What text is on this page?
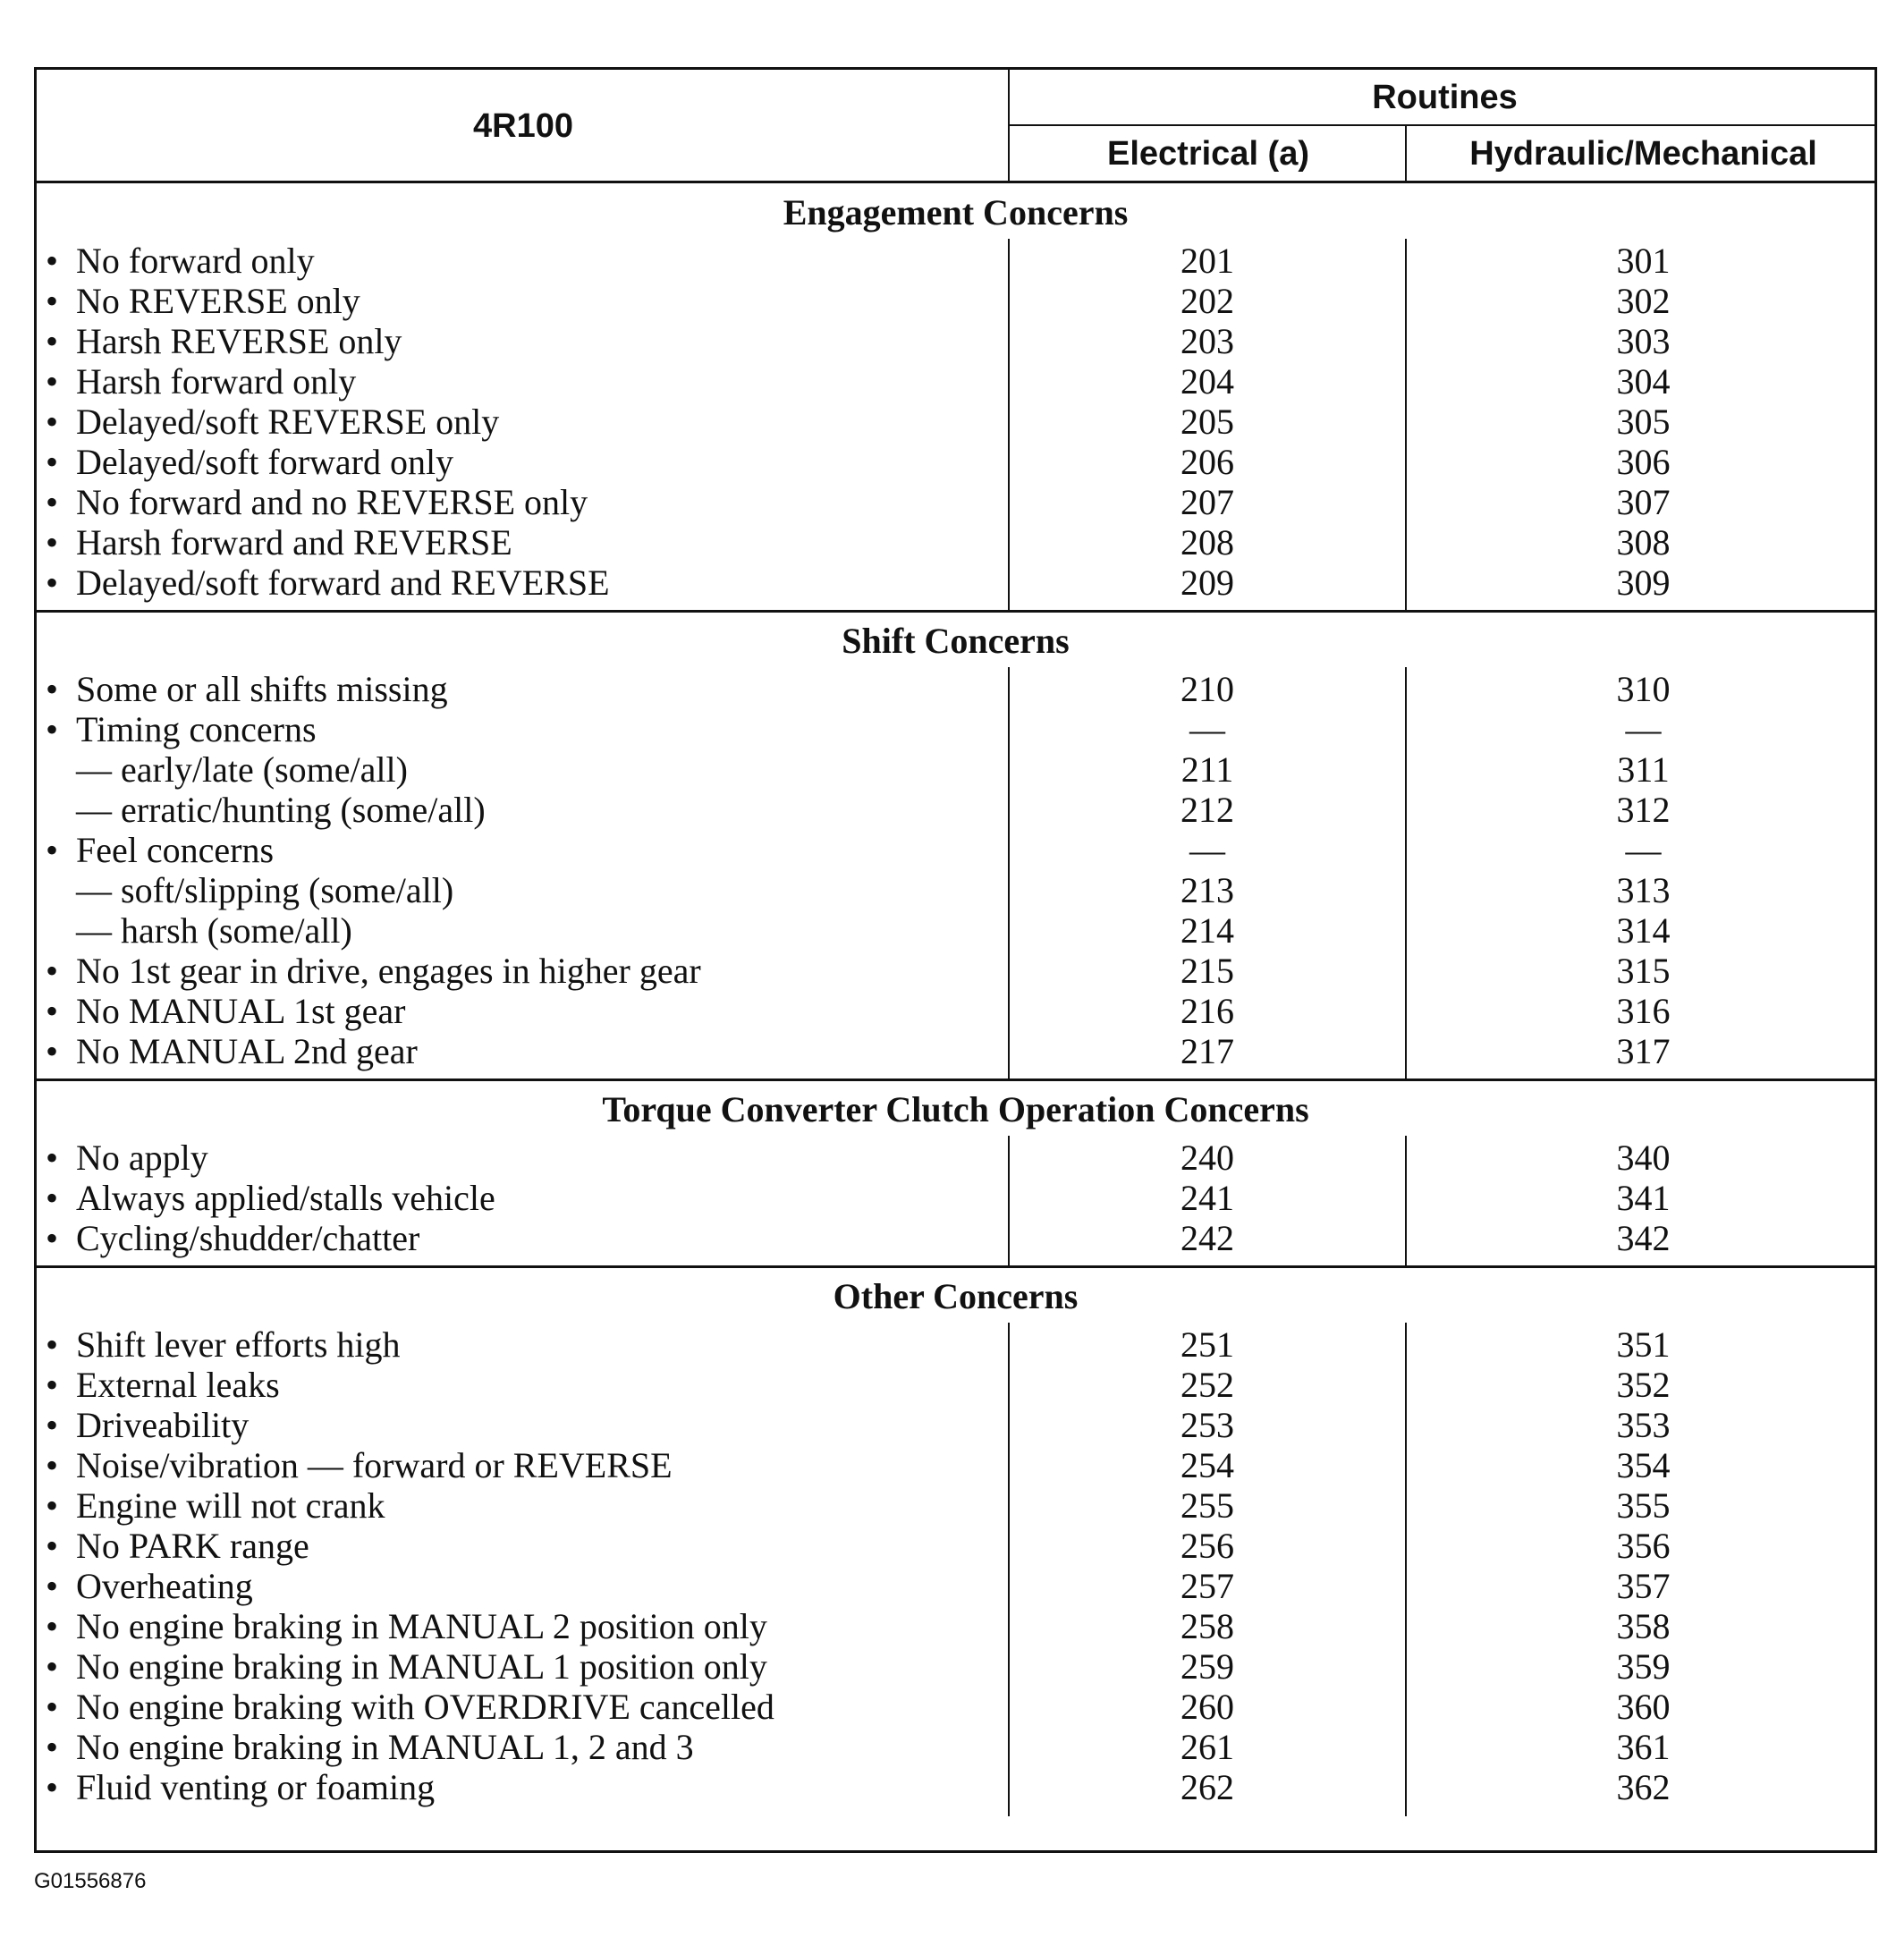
4R100
Routines
Electrical (a)	Hydraulic/Mechanical
Engagement Concerns
• No forward only	201	301
• No REVERSE only	202	302
• Harsh REVERSE only	203	303
• Harsh forward only	204	304
• Delayed/soft REVERSE only	205	305
• Delayed/soft forward only	206	306
• No forward and no REVERSE only	207	307
• Harsh forward and REVERSE	208	308
• Delayed/soft forward and REVERSE	209	309
Shift Concerns
• Some or all shifts missing	210	310
• Timing concerns	—	—
— early/late (some/all)	211	311
— erratic/hunting (some/all)	212	312
• Feel concerns	—	—
— soft/slipping (some/all)	213	313
— harsh (some/all)	214	314
• No 1st gear in drive, engages in higher gear	215	315
• No MANUAL 1st gear	216	316
• No MANUAL 2nd gear	217	317
Torque Converter Clutch Operation Concerns
• No apply	240	340
• Always applied/stalls vehicle	241	341
• Cycling/shudder/chatter	242	342
Other Concerns
• Shift lever efforts high	251	351
• External leaks	252	352
• Driveability	253	353
• Noise/vibration — forward or REVERSE	254	354
• Engine will not crank	255	355
• No PARK range	256	356
• Overheating	257	357
• No engine braking in MANUAL 2 position only	258	358
• No engine braking in MANUAL 1 position only	259	359
• No engine braking with OVERDRIVE cancelled	260	360
• No engine braking in MANUAL 1, 2 and 3	261	361
• Fluid venting or foaming	262	362
G01556876
